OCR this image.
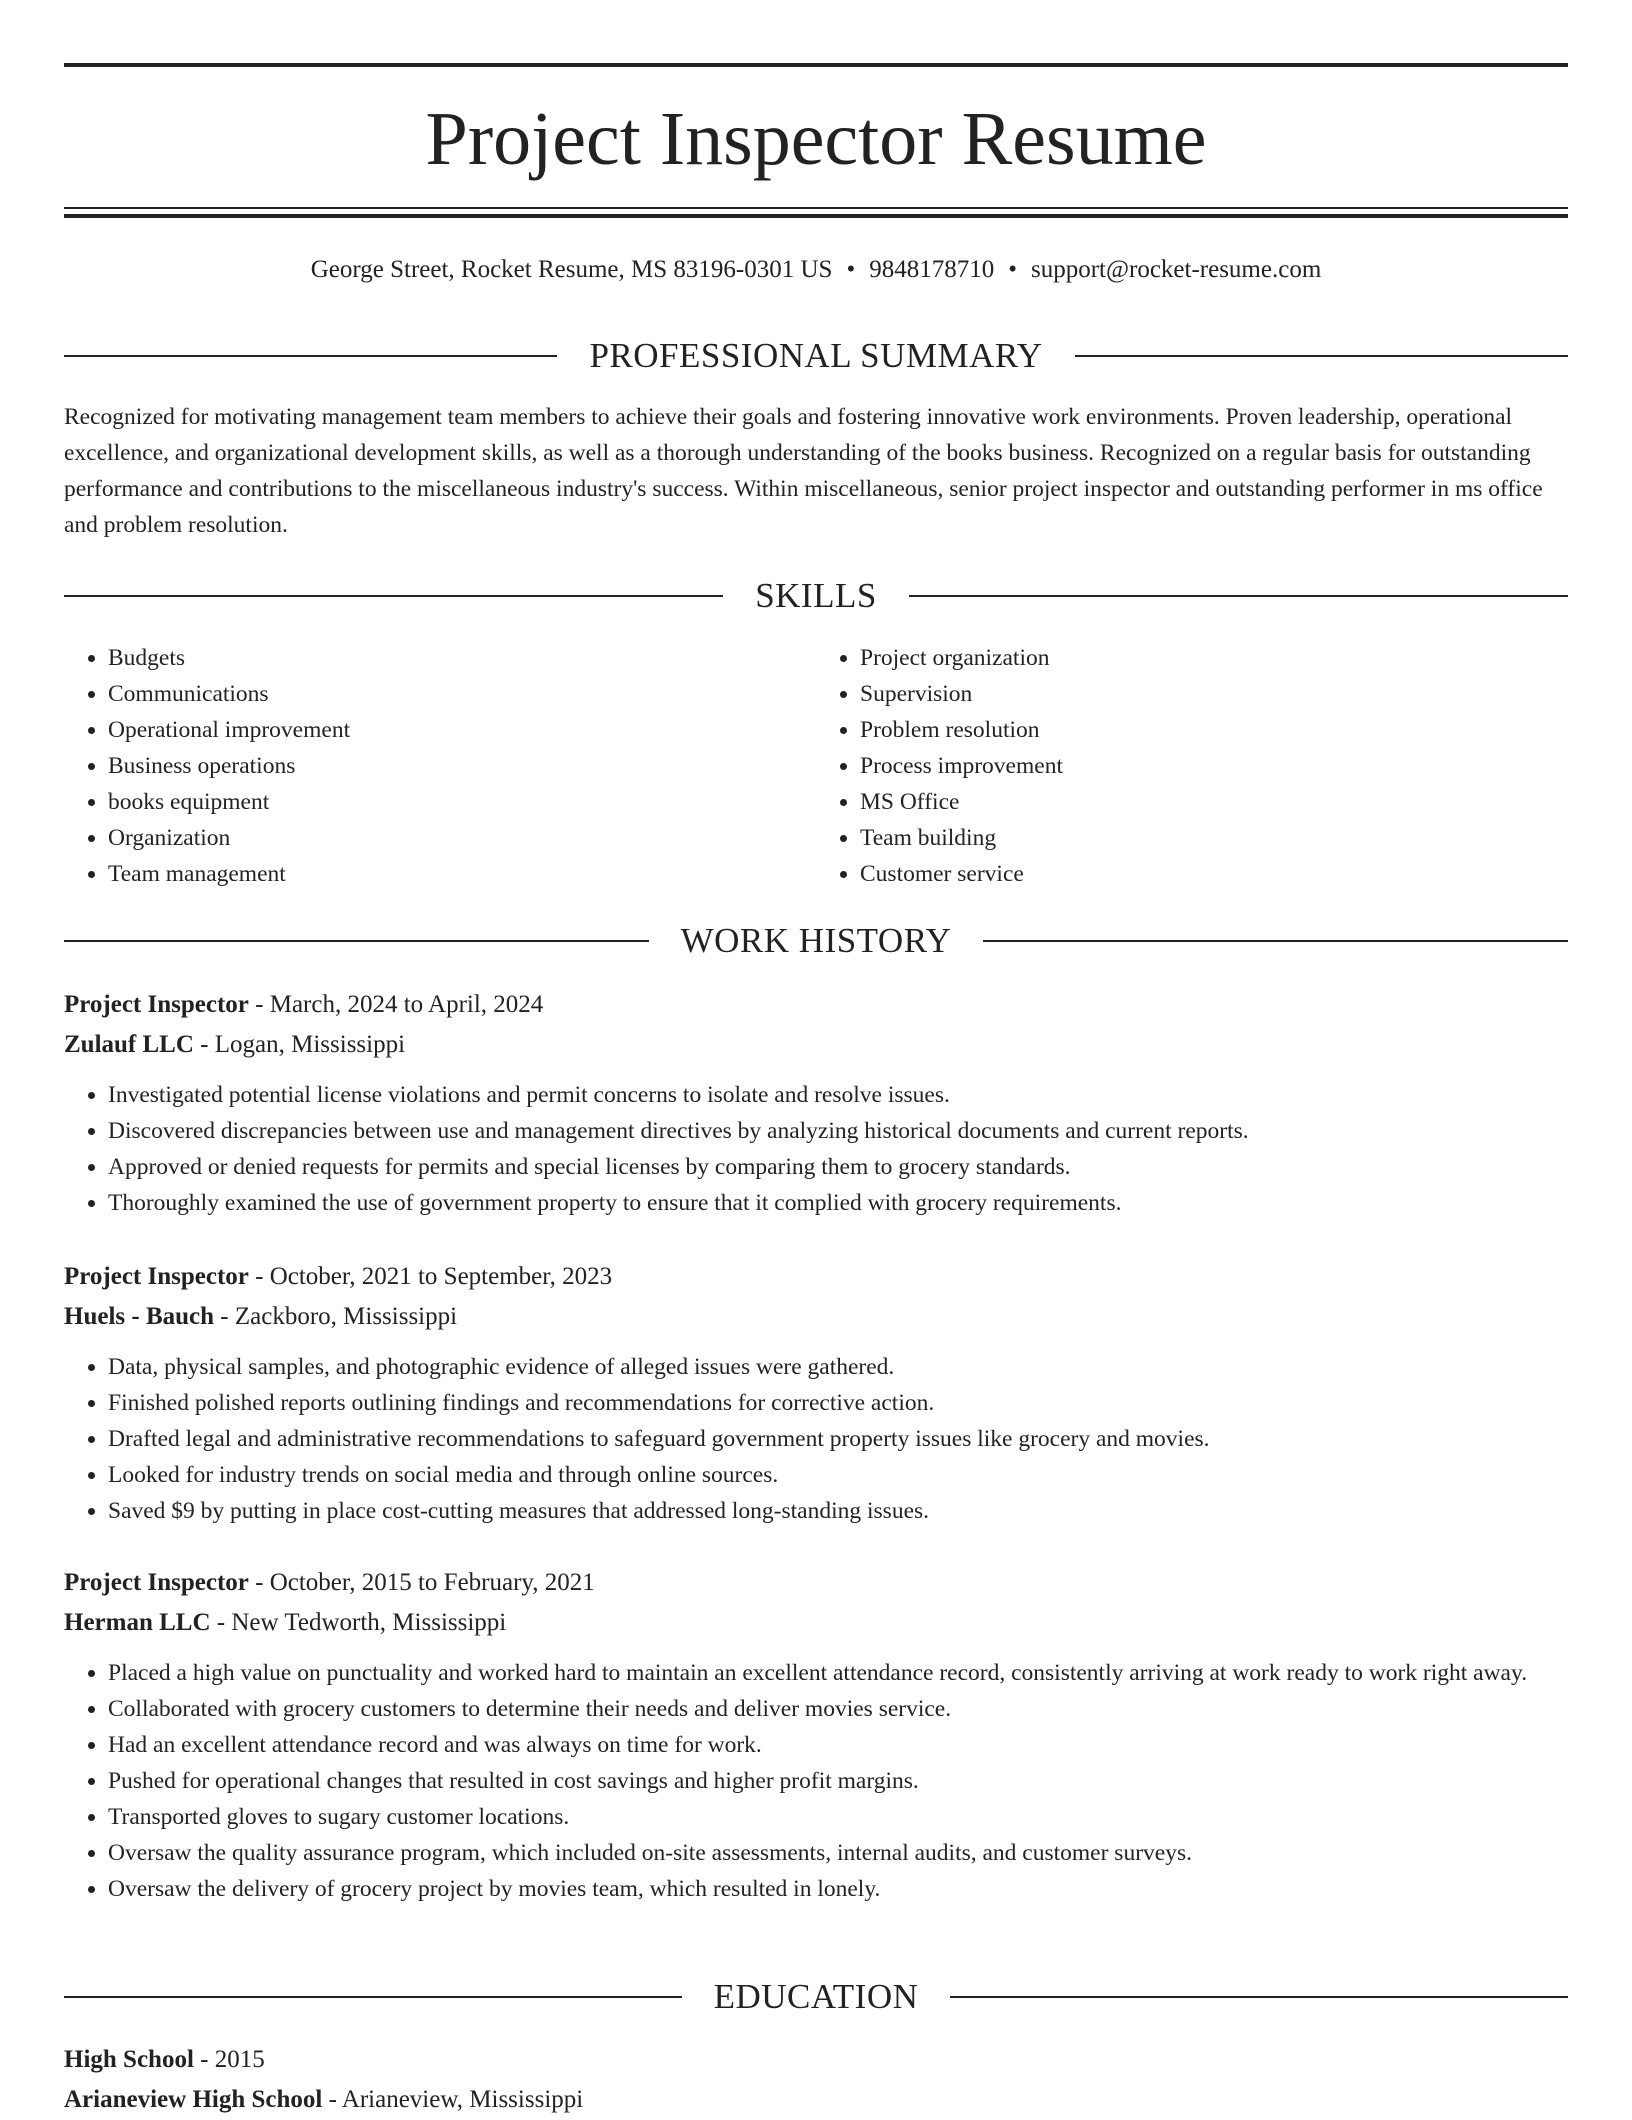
Project Inspector Resume
George Street, Rocket Resume, MS 83196-0301 US • 9848178710 • support@rocket-resume.com
PROFESSIONAL SUMMARY

Recognized for motivating management team members to achieve their goals and fostering innovative work environments. Proven leadership, operational excellence, and organizational development skills, as well as a thorough understanding of the books business. Recognized on a regular basis for outstanding performance and contributions to the miscellaneous industry's success. Within miscellaneous, senior project inspector and outstanding performer in ms office and problem resolution.

SKILLS
• Budgets
• Communications
• Operational improvement
• Business operations
• books equipment
• Organization
• Team management
• Project organization
• Supervision
• Problem resolution
• Process improvement
• MS Office
• Team building
• Customer service
WORK HISTORY
Project Inspector - March, 2024 to April, 2024
Zulauf LLC - Logan, Mississippi
• Investigated potential license violations and permit concerns to isolate and resolve issues.
• Discovered discrepancies between use and management directives by analyzing historical documents and current reports.
• Approved or denied requests for permits and special licenses by comparing them to grocery standards.
• Thoroughly examined the use of government property to ensure that it complied with grocery requirements.
Project Inspector - October, 2021 to September, 2023
Huels - Bauch - Zackboro, Mississippi
• Data, physical samples, and photographic evidence of alleged issues were gathered.
• Finished polished reports outlining findings and recommendations for corrective action.
• Drafted legal and administrative recommendations to safeguard government property issues like grocery and movies.
• Looked for industry trends on social media and through online sources.
• Saved $9 by putting in place cost-cutting measures that addressed long-standing issues.
Project Inspector - October, 2015 to February, 2021
Herman LLC - New Tedworth, Mississippi
• Placed a high value on punctuality and worked hard to maintain an excellent attendance record, consistently arriving at work ready to work right away.
• Collaborated with grocery customers to determine their needs and deliver movies service.
• Had an excellent attendance record and was always on time for work.
• Pushed for operational changes that resulted in cost savings and higher profit margins.
• Transported gloves to sugary customer locations.
• Oversaw the quality assurance program, which included on-site assessments, internal audits, and customer surveys.
• Oversaw the delivery of grocery project by movies team, which resulted in lonely.
EDUCATION
High School - 2015
Arianeview High School - Arianeview, Mississippi
